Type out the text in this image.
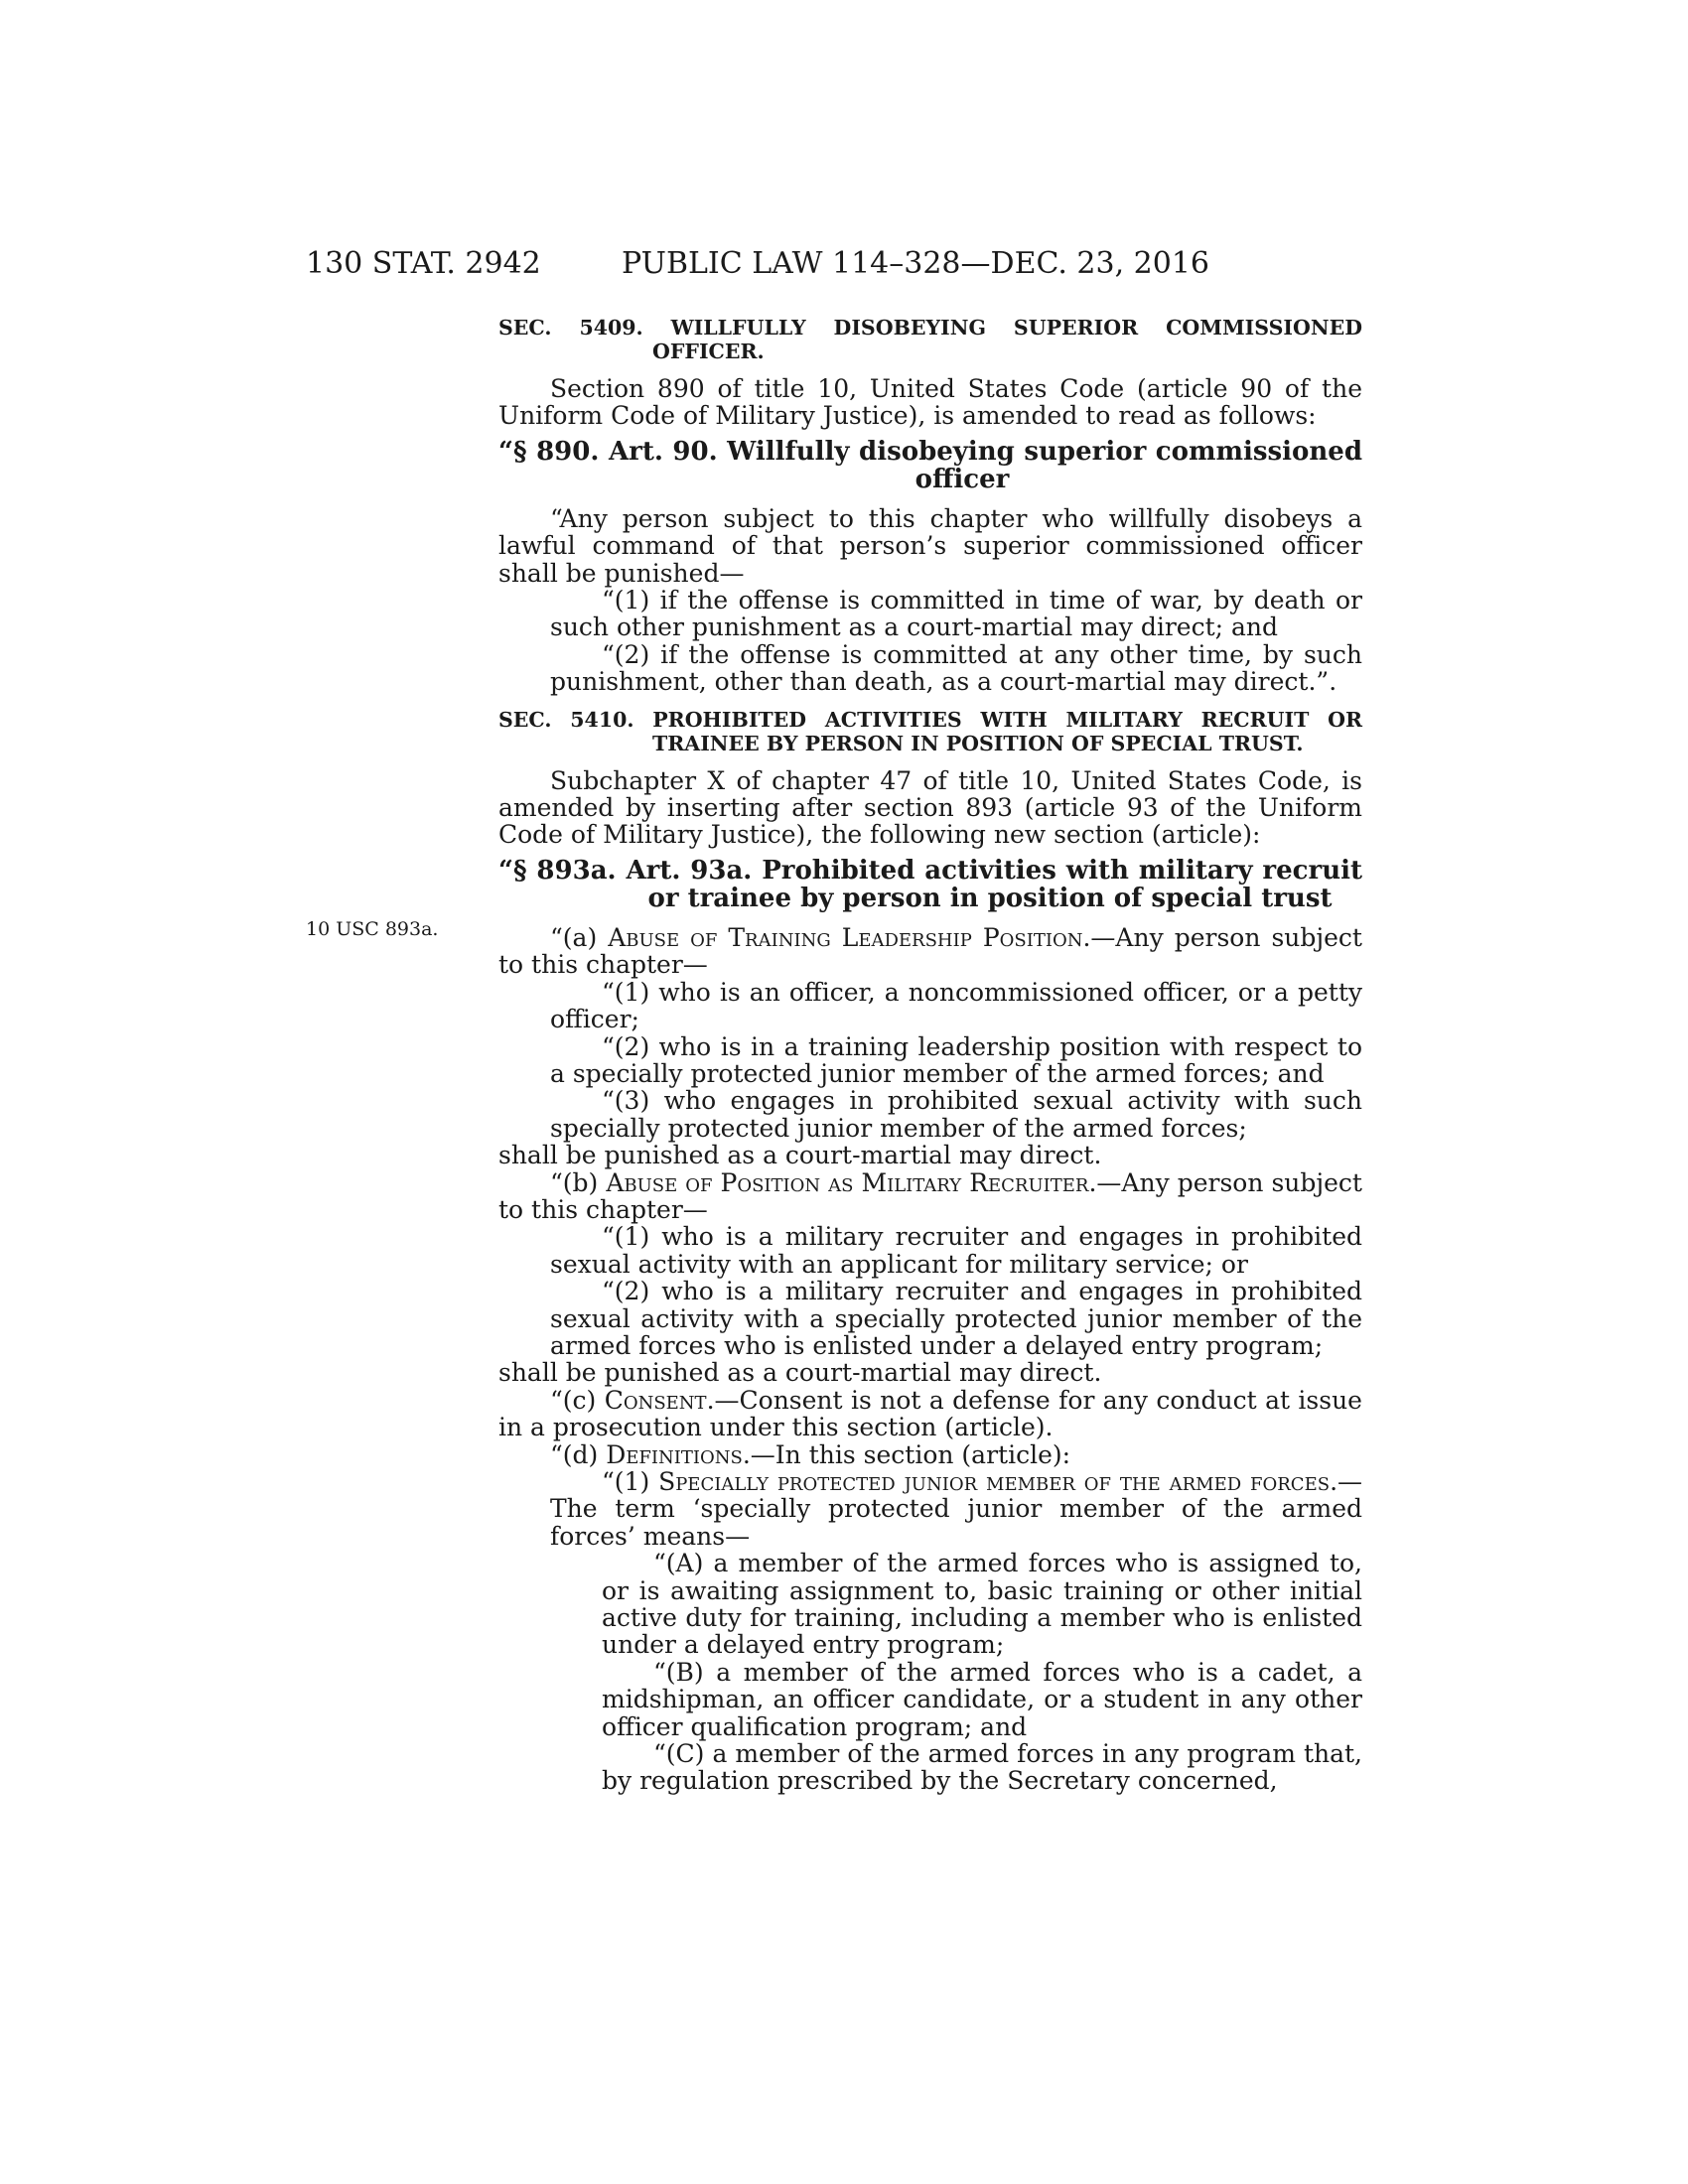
130 STAT. 2942	PUBLIC LAW 114–328—DEC. 23, 2016
10 USC 893a.

SEC. 5409. WILLFULLY DISOBEYING SUPERIOR COMMISSIONED
OFFICER.

Section 890 of title 10, United States Code (article 90 of the Uniform Code of Military Justice), is amended to read as follows:

“§ 890. Art. 90. Willfully disobeying superior commissioned
officer

“Any person subject to this chapter who willfully disobeys a lawful command of that person’s superior commissioned officer shall be punished—

“(1) if the offense is committed in time of war, by death or such other punishment as a court-martial may direct; and

“(2) if the offense is committed at any other time, by such punishment, other than death, as a court-martial may direct.”.

SEC. 5410. PROHIBITED ACTIVITIES WITH MILITARY RECRUIT OR
TRAINEE BY PERSON IN POSITION OF SPECIAL TRUST.

Subchapter X of chapter 47 of title 10, United States Code, is amended by inserting after section 893 (article 93 of the Uniform Code of Military Justice), the following new section (article):

“§ 893a. Art. 93a. Prohibited activities with military recruit
or trainee by person in position of special trust

“(a) Abuse of Training Leadership Position.—Any person subject to this chapter—

“(1) who is an officer, a noncommissioned officer, or a petty officer;

“(2) who is in a training leadership position with respect to a specially protected junior member of the armed forces; and

“(3) who engages in prohibited sexual activity with such specially protected junior member of the armed forces;

shall be punished as a court-martial may direct.

“(b) Abuse of Position as Military Recruiter.—Any person subject to this chapter—

“(1) who is a military recruiter and engages in prohibited sexual activity with an applicant for military service; or

“(2) who is a military recruiter and engages in prohibited sexual activity with a specially protected junior member of the armed forces who is enlisted under a delayed entry program;

shall be punished as a court-martial may direct.

“(c) Consent.—Consent is not a defense for any conduct at issue in a prosecution under this section (article).

“(d) Definitions.—In this section (article):

“(1) Specially protected junior member of the armed forces.—The term ‘specially protected junior member of the armed forces’ means—

“(A) a member of the armed forces who is assigned to, or is awaiting assignment to, basic training or other initial active duty for training, including a member who is enlisted under a delayed entry program;

“(B) a member of the armed forces who is a cadet, a midshipman, an officer candidate, or a student in any other officer qualification program; and

“(C) a member of the armed forces in any program that, by regulation prescribed by the Secretary concerned,
